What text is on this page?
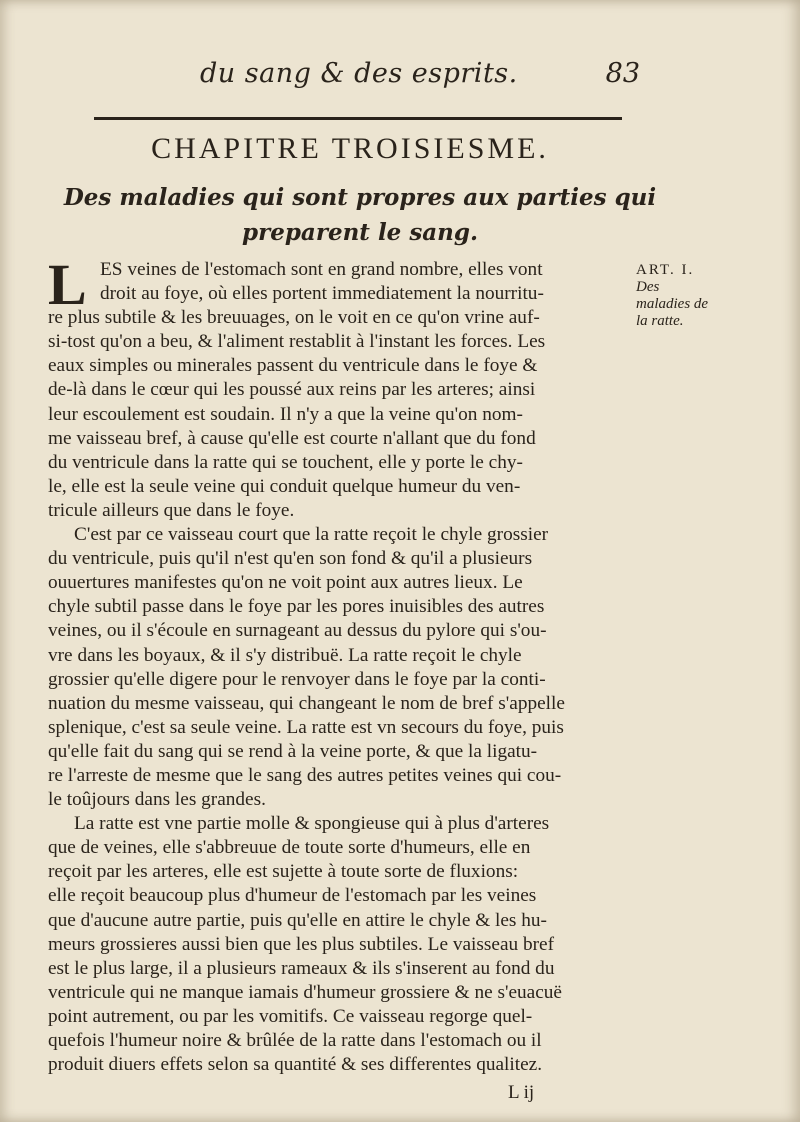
du sang & des esprits.	83
CHAPITRE TROISIESME.
Des maladies qui sont propres aux parties qui
preparent le sang.
ART. I.
Des maladies de la ratte.
L ES veines de l'estomach sont en grand nombre, elles vont
droit au foye, où elles portent immediatement la nourritu-
re plus subtile & les breuuages, on le voit en ce qu'on vrine auf-
si-tost qu'on a beu, & l'aliment restablit à l'instant les forces. Les
eaux simples ou minerales passent du ventricule dans le foye &
de-là dans le cœur qui les poussé aux reins par les arteres; ainsi
leur escoulement est soudain. Il n'y a que la veine qu'on nom-
me vaisseau bref, à cause qu'elle est courte n'allant que du fond
du ventricule dans la ratte qui se touchent, elle y porte le chy-
le, elle est la seule veine qui conduit quelque humeur du ven-
tricule ailleurs que dans le foye.
C'est par ce vaisseau court que la ratte reçoit le chyle grossier
du ventricule, puis qu'il n'est qu'en son fond & qu'il a plusieurs
ouuertures manifestes qu'on ne voit point aux autres lieux. Le
chyle subtil passe dans le foye par les pores inuisibles des autres
veines, ou il s'écoule en surnageant au dessus du pylore qui s'ou-
vre dans les boyaux, & il s'y distribuë. La ratte reçoit le chyle
grossier qu'elle digere pour le renvoyer dans le foye par la conti-
nuation du mesme vaisseau, qui changeant le nom de bref s'appelle
splenique, c'est sa seule veine. La ratte est vn secours du foye, puis
qu'elle fait du sang qui se rend à la veine porte, & que la ligatu-
re l'arreste de mesme que le sang des autres petites veines qui cou-
le toûjours dans les grandes.
La ratte est vne partie molle & spongieuse qui à plus d'arteres
que de veines, elle s'abbreuue de toute sorte d'humeurs, elle en
reçoit par les arteres, elle est sujette à toute sorte de fluxions:
elle reçoit beaucoup plus d'humeur de l'estomach par les veines
que d'aucune autre partie, puis qu'elle en attire le chyle & les hu-
meurs grossieres aussi bien que les plus subtiles. Le vaisseau bref
est le plus large, il a plusieurs rameaux & ils s'inserent au fond du
ventricule qui ne manque iamais d'humeur grossiere & ne s'euacuë
point autrement, ou par les vomitifs. Ce vaisseau regorge quel-
quefois l'humeur noire & brûlée de la ratte dans l'estomach ou il
produit diuers effets selon sa quantité & ses differentes qualitez.
L ij
